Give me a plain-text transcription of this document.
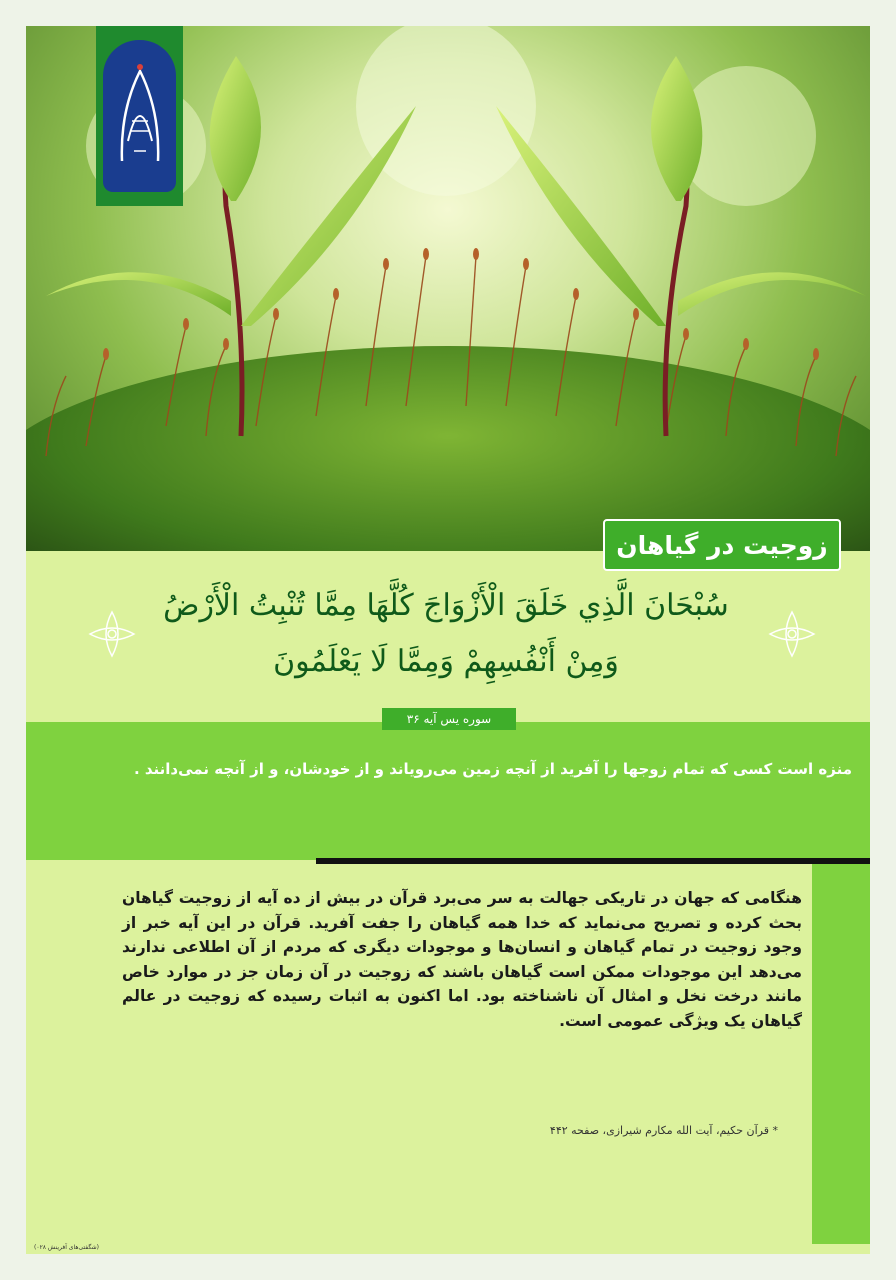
زوجیت در گیاهان
سُبْحَانَ الَّذِي خَلَقَ الْأَزْوَاجَ كُلَّهَا مِمَّا تُنْبِتُ الْأَرْضُ
وَمِنْ أَنْفُسِهِمْ وَمِمَّا لَا يَعْلَمُونَ

منزه است کسی که تمام زوجها را آفرید از آنچه زمین می‌رویاند و از خودشان، و از آنچه نمی‌دانند .

سوره یس آیه ۳۶

هنگامی که جهان در تاریکی جهالت به سر می‌برد قرآن در بیش از ده آیه از زوجیت گیاهان بحث کرده و تصریح می‌نماید که خدا همه گیاهان را جفت آفرید. قرآن در این آیه خبر از وجود زوجیت در تمام گیاهان و انسان‌ها و موجودات دیگری که مردم از آن اطلاعی ندارند می‌دهد این موجودات ممکن است گیاهان باشند که زوجیت در آن زمان جز در موارد خاص مانند درخت نخل و امثال آن ناشناخته بود. اما اکنون به اثبات رسیده که زوجیت در عالم گیاهان یک ویژگی عمومی است.

* قرآن حکیم، آیت الله مکارم شیرازی، صفحه ۴۴۲
(شگفتی‌های آفرینش ۰۲۸)
